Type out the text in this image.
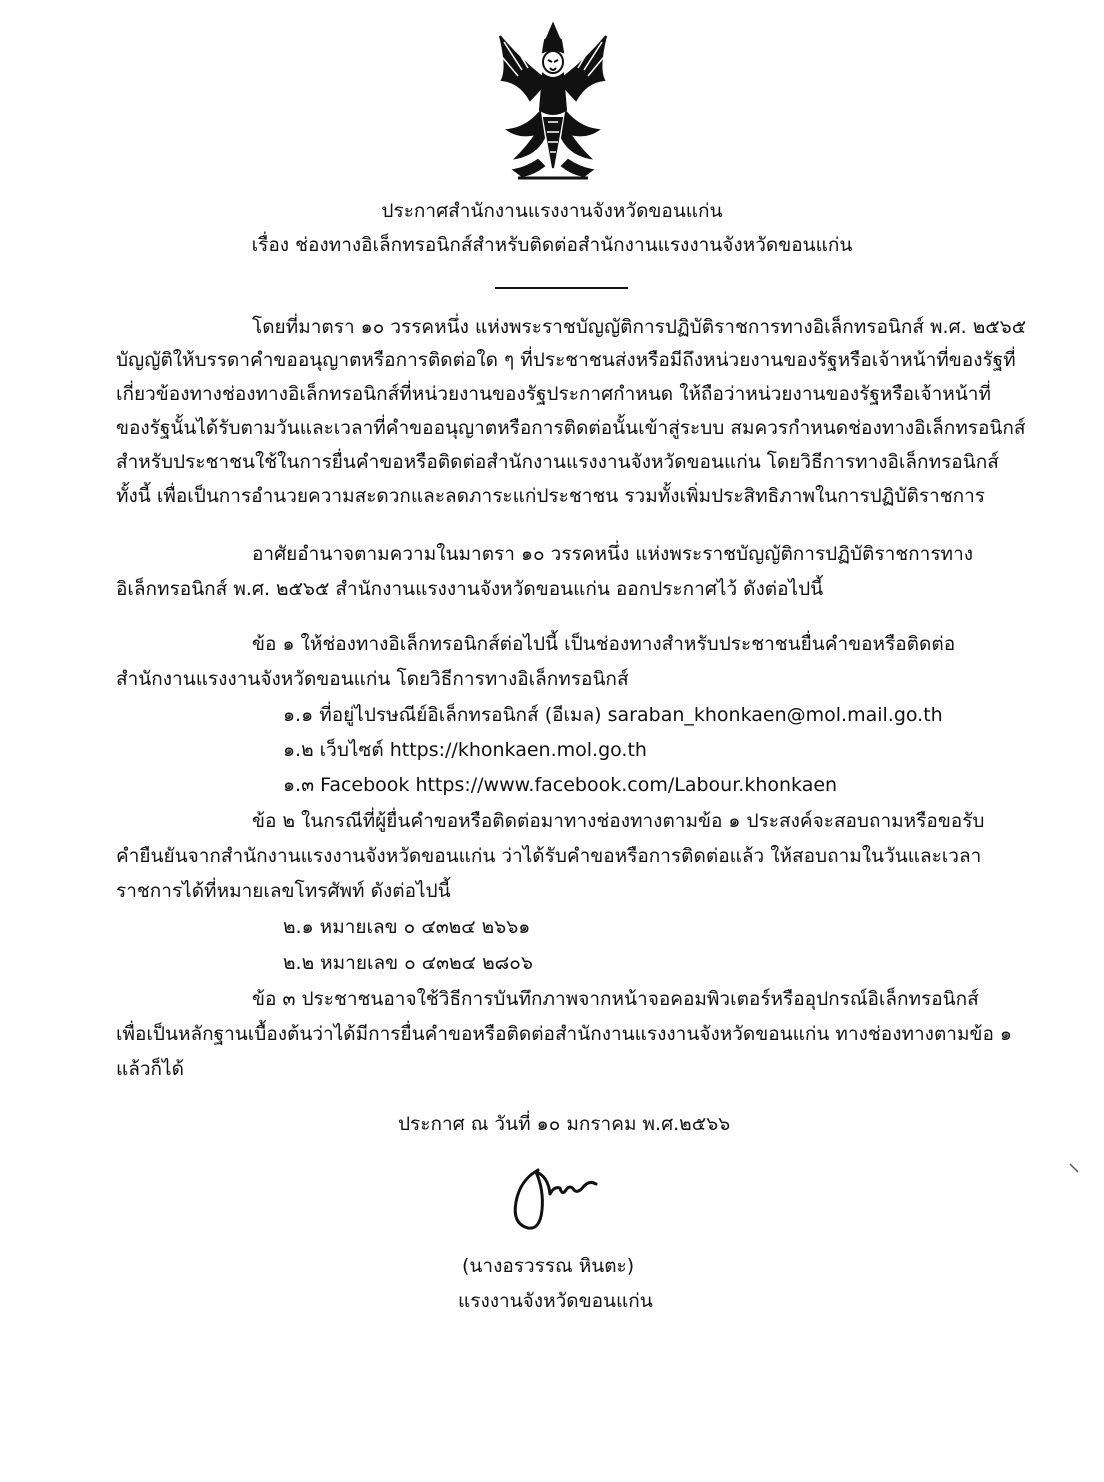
ประกาศสำนักงานแรงงานจังหวัดขอนแก่น
เรื่อง ช่องทางอิเล็กทรอนิกส์สำหรับติดต่อสำนักงานแรงงานจังหวัดขอนแก่น
โดยที่มาตรา ๑๐ วรรคหนึ่ง แห่งพระราชบัญญัติการปฏิบัติราชการทางอิเล็กทรอนิกส์ พ.ศ. ๒๕๖๕
บัญญัติให้บรรดาคำขออนุญาตหรือการติดต่อใด ๆ ที่ประชาชนส่งหรือมีถึงหน่วยงานของรัฐหรือเจ้าหน้าที่ของรัฐที่
เกี่ยวข้องทางช่องทางอิเล็กทรอนิกส์ที่หน่วยงานของรัฐประกาศกำหนด ให้ถือว่าหน่วยงานของรัฐหรือเจ้าหน้าที่
ของรัฐนั้นได้รับตามวันและเวลาที่คำขออนุญาตหรือการติดต่อนั้นเข้าสู่ระบบ สมควรกำหนดช่องทางอิเล็กทรอนิกส์
สำหรับประชาชนใช้ในการยื่นคำขอหรือติดต่อสำนักงานแรงงานจังหวัดขอนแก่น โดยวิธีการทางอิเล็กทรอนิกส์
ทั้งนี้ เพื่อเป็นการอำนวยความสะดวกและลดภาระแก่ประชาชน รวมทั้งเพิ่มประสิทธิภาพในการปฏิบัติราชการ
อาศัยอำนาจตามความในมาตรา ๑๐ วรรคหนึ่ง แห่งพระราชบัญญัติการปฏิบัติราชการทาง
อิเล็กทรอนิกส์ พ.ศ. ๒๕๖๕ สำนักงานแรงงานจังหวัดขอนแก่น ออกประกาศไว้ ดังต่อไปนี้
ข้อ ๑ ให้ช่องทางอิเล็กทรอนิกส์ต่อไปนี้ เป็นช่องทางสำหรับประชาชนยื่นคำขอหรือติดต่อ
สำนักงานแรงงานจังหวัดขอนแก่น โดยวิธีการทางอิเล็กทรอนิกส์
๑.๑ ที่อยู่ไปรษณีย์อิเล็กทรอนิกส์ (อีเมล) saraban_khonkaen@mol.mail.go.th
๑.๒ เว็บไซต์ https://khonkaen.mol.go.th
๑.๓ Facebook https://www.facebook.com/Labour.khonkaen
ข้อ ๒ ในกรณีที่ผู้ยื่นคำขอหรือติดต่อมาทางช่องทางตามข้อ ๑ ประสงค์จะสอบถามหรือขอรับ
คำยืนยันจากสำนักงานแรงงานจังหวัดขอนแก่น ว่าได้รับคำขอหรือการติดต่อแล้ว ให้สอบถามในวันและเวลา
ราชการได้ที่หมายเลขโทรศัพท์ ดังต่อไปนี้
๒.๑ หมายเลข ๐ ๔๓๒๔ ๒๖๖๑
๒.๒ หมายเลข ๐ ๔๓๒๔ ๒๘๐๖
ข้อ ๓ ประชาชนอาจใช้วิธีการบันทึกภาพจากหน้าจอคอมพิวเตอร์หรืออุปกรณ์อิเล็กทรอนิกส์
เพื่อเป็นหลักฐานเบื้องต้นว่าได้มีการยื่นคำขอหรือติดต่อสำนักงานแรงงานจังหวัดขอนแก่น ทางช่องทางตามข้อ ๑
แล้วก็ได้
ประกาศ ณ วันที่ ๑๐ มกราคม พ.ศ.๒๕๖๖
(นางอรวรรณ หินตะ)
แรงงานจังหวัดขอนแก่น
